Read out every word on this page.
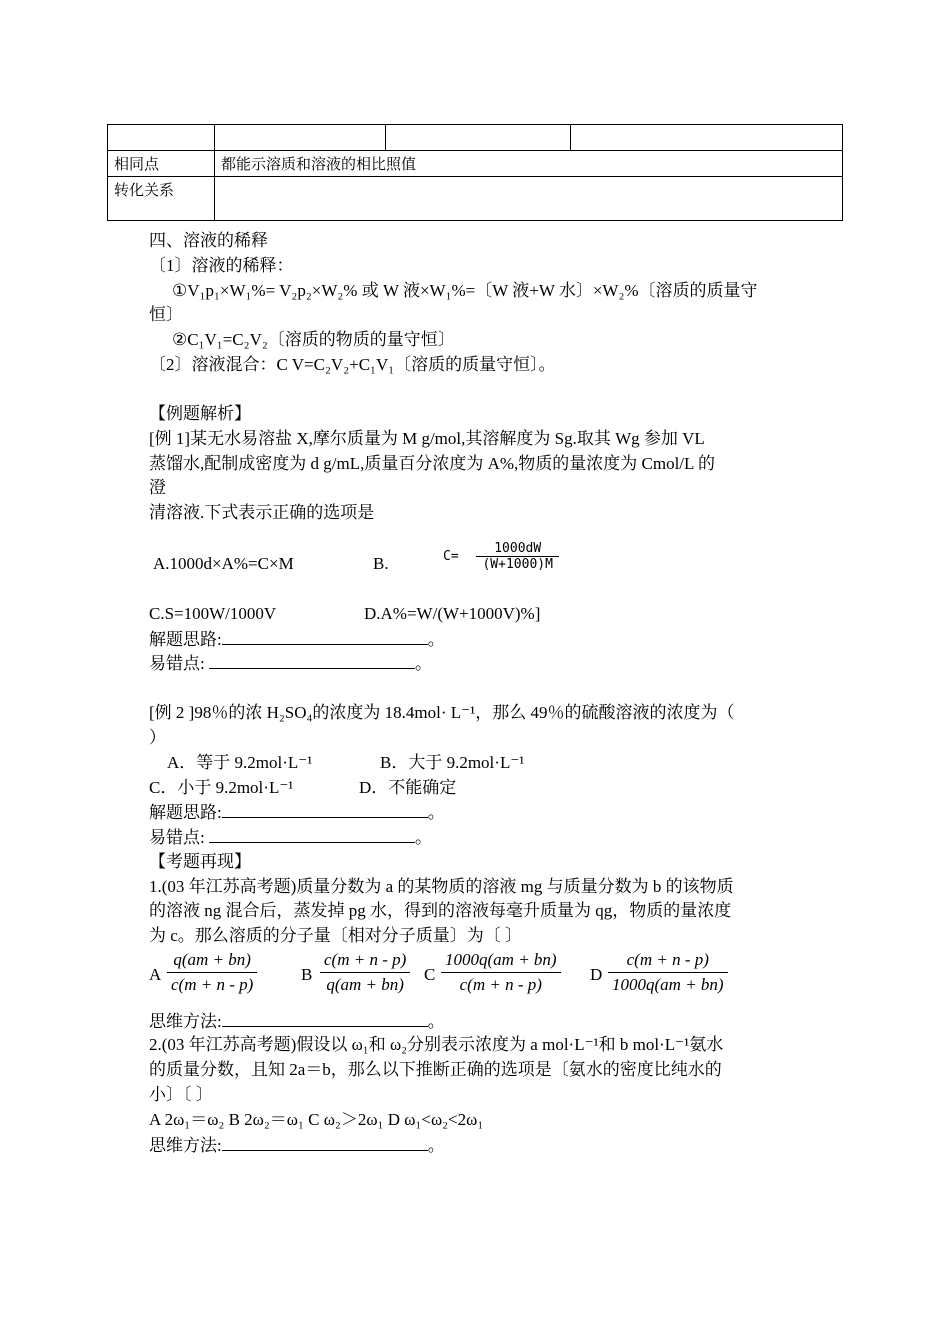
相同点	都能示溶质和溶液的相比照值		
转化关系			
四、溶液的稀释
〔1〕溶液的稀释：
①V₁p₁×W₁%= V₂p₂×W₂% 或 W 液×W₁%=〔W 液+W 水〕×W₂%〔溶质的质量守
恒〕
②C₁V₁=C₂V₂〔溶质的物质的量守恒〕
〔2〕溶液混合：C V=C₂V₂+C₁V₁〔溶质的质量守恒〕。
【例题解析】
[例 1]某无水易溶盐 X,摩尔质量为 M g/mol,其溶解度为 Sg.取其 Wg 参加 VL
蒸馏水,配制成密度为 d g/mL,质量百分浓度为 A%,物质的量浓度为 Cmol/L 的
澄
清溶液.下式表示正确的选项是
A.1000d×A%=C×M	B.	$C= \frac{1000dW}{(W+1000)M}$
C.S=100W/1000V	D.A%=W/(W+1000V)%]
解题思路:	。
易错点:	。
[例 2 ]98％的浓 H₂SO₄的浓度为 18.4mol· L⁻¹，那么 49％的硫酸溶液的浓度为（
）
A．等于 9.2mol·L⁻¹	B．大于 9.2mol·L⁻¹
C．小于 9.2mol·L⁻¹	D．不能确定
解题思路:	。
易错点:	。
【考题再现】
1.(03 年江苏高考题)质量分数为 a 的某物质的溶液 mg 与质量分数为 b 的该物质
的溶液 ng 混合后，蒸发掉 pg 水，得到的溶液每毫升质量为 qg，物质的量浓度
为 c。那么溶质的分子量〔相对分子质量〕为〔 〕
A $\frac{q(am + bn)}{c(m + n - p)}$	B $\frac{c(m + n - p)}{q(am + bn)}$ C $\frac{1000q(am + bn)}{c(m + n - p)}$ D $\frac{c(m + n - p)}{1000q(am + bn)}$
思维方法:	。
2.(03 年江苏高考题)假设以 ω₁和 ω₂分别表示浓度为 a mol·L⁻¹和 b mol·L⁻¹氨水
的质量分数，且知 2a＝b，那么以下推断正确的选项是〔氨水的密度比纯水的
小〕〔 〕
A 2ω₁＝ω₂ B 2ω₂＝ω₁ C ω₂＞2ω₁ D ω₁<ω₂<2ω₁
思维方法:	。
